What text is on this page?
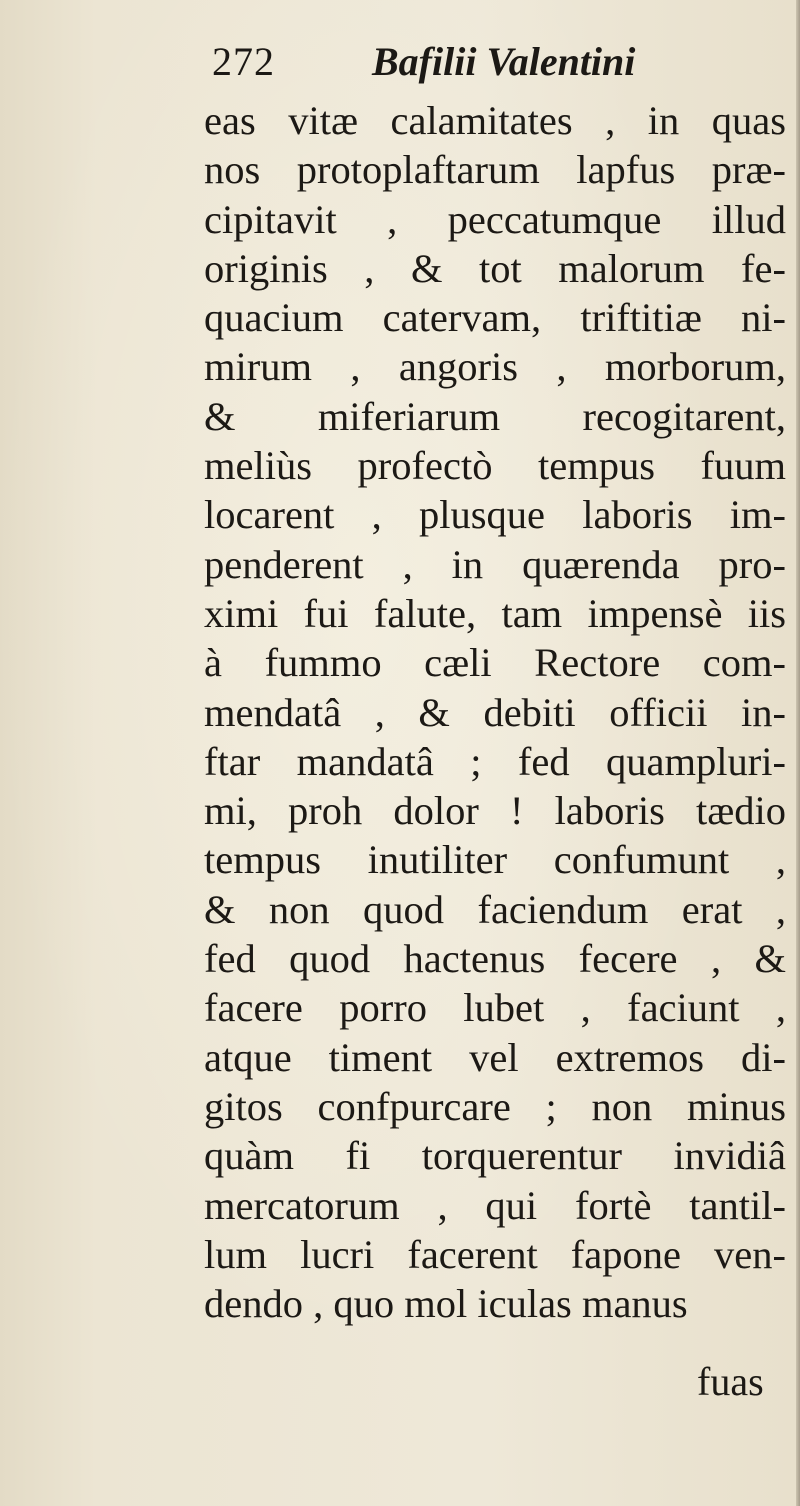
272 Bafilii Valentini
eas vitæ calamitates , in quas
nos protoplaftarum lapfus præ-
cipitavit , peccatumque illud
originis , & tot malorum fe-
quacium catervam, triftitiæ ni-
mirum , angoris , morborum,
& miferiarum recogitarent,
meliùs profectò tempus fuum
locarent , plusque laboris im-
penderent , in quærenda pro-
ximi fui falute, tam impensè iis
à fummo cæli Rectore com-
mendatâ , & debiti officii in-
ftar mandatâ ; fed quampluri-
mi, proh dolor ! laboris tædio
tempus inutiliter confumunt ,
& non quod faciendum erat ,
fed quod hactenus fecere , &
facere porro lubet , faciunt ,
atque timent vel extremos di-
gitos confpurcare ; non minus
quàm fi torquerentur invidiâ
mercatorum , qui fortè tantil-
lum lucri facerent fapone ven-
dendo , quo mol iculas manus
fuas
